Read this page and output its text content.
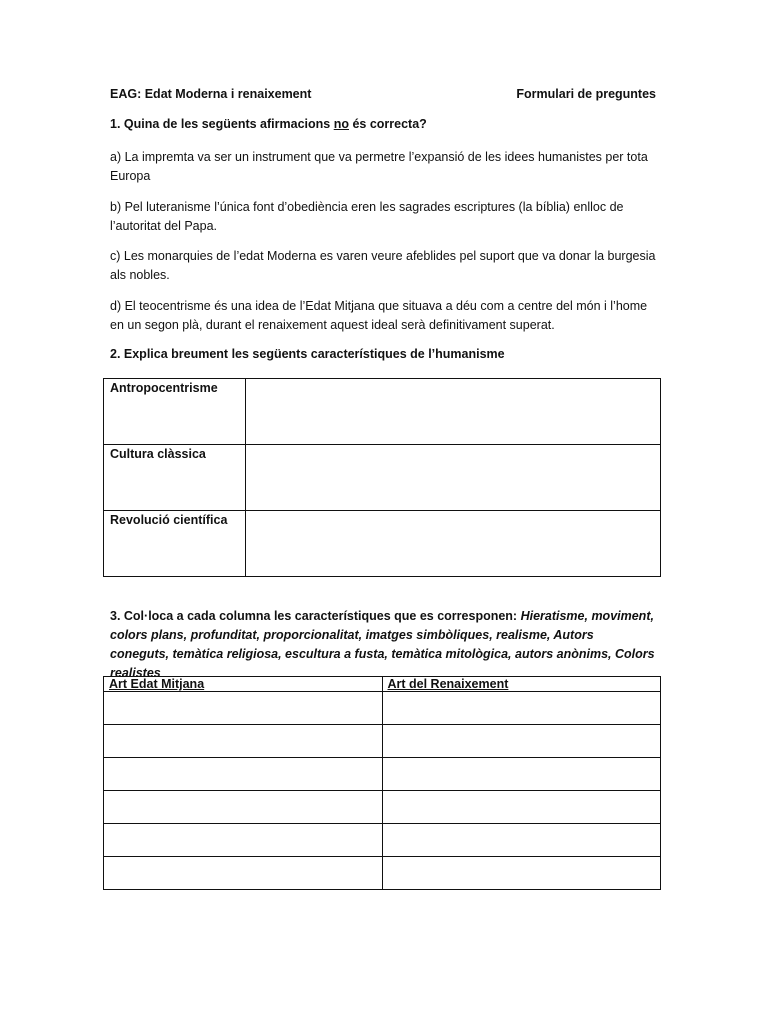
EAG: Edat Moderna i renaixement	Formulari de preguntes
1. Quina de les següents afirmacions no és correcta?
a) La impremta va ser un instrument que va permetre l’expansió de les idees humanistes per tota Europa
b) Pel luteranisme l’única font d’obediència eren les sagrades escriptures (la bíblia) enlloc de l’autoritat del Papa.
c) Les monarquies de l’edat Moderna es varen veure afeblides pel suport que va donar la burgesia als nobles.
d) El teocentrisme és una idea de l’Edat Mitjana que situava a déu com a centre del món i l’home en un segon plà, durant el renaixement aquest ideal serà definitivament superat.
2. Explica breument les següents característiques de l’humanisme
Antropocentrisme	
Cultura clàssica	
Revolució científica	
3. Col·loca a cada columna les característiques que es corresponen: Hieratisme, moviment, colors plans, profunditat, proporcionalitat, imatges simbòliques, realisme, Autors coneguts, temàtica religiosa, escultura a fusta, temàtica mitològica, autors anònims, Colors realistes
Art Edat Mitjana	Art del Renaixement
